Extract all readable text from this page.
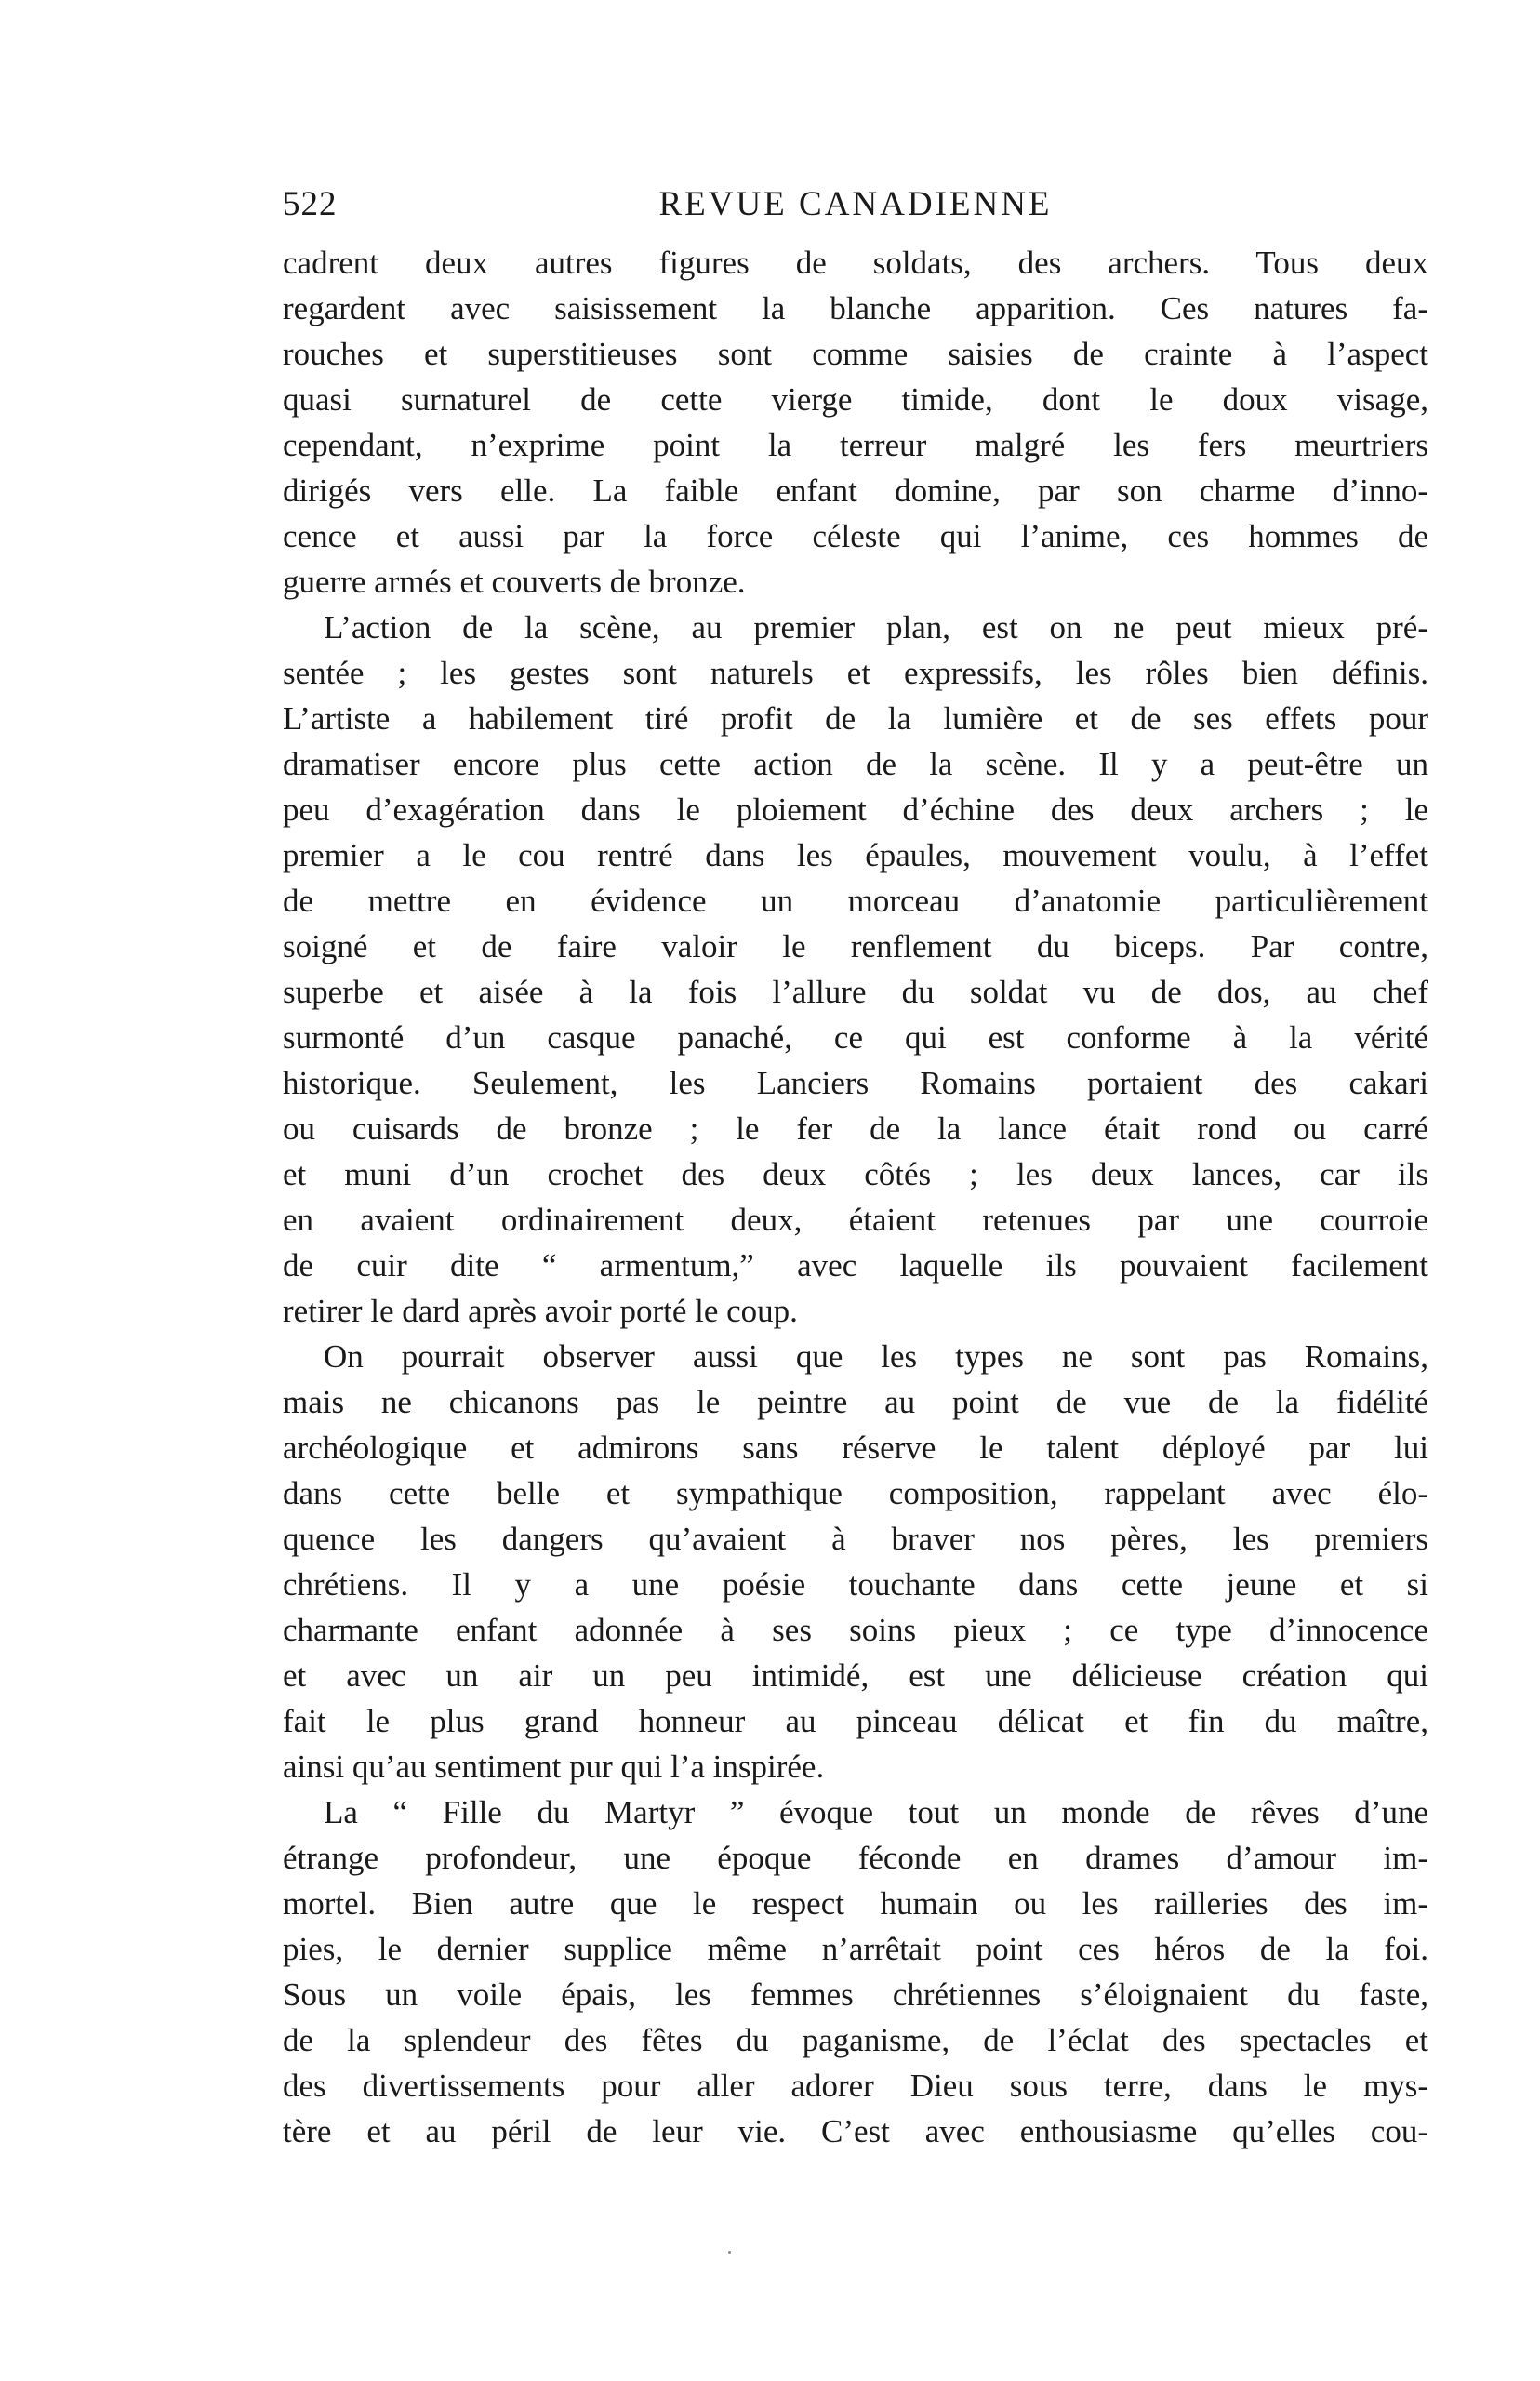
522	REVUE CANADIENNE
cadrent deux autres figures de soldats, des archers. Tous deux
regardent avec saisissement la blanche apparition. Ces natures fa-
rouches et superstitieuses sont comme saisies de crainte à l’aspect
quasi surnaturel de cette vierge timide, dont le doux visage,
cependant, n’exprime point la terreur malgré les fers meurtriers
dirigés vers elle. La faible enfant domine, par son charme d’inno-
cence et aussi par la force céleste qui l’anime, ces hommes de
guerre armés et couverts de bronze.
L’action de la scène, au premier plan, est on ne peut mieux pré-
sentée ; les gestes sont naturels et expressifs, les rôles bien définis.
L’artiste a habilement tiré profit de la lumière et de ses effets pour
dramatiser encore plus cette action de la scène. Il y a peut-être un
peu d’exagération dans le ploiement d’échine des deux archers ; le
premier a le cou rentré dans les épaules, mouvement voulu, à l’effet
de mettre en évidence un morceau d’anatomie particulièrement
soigné et de faire valoir le renflement du biceps. Par contre,
superbe et aisée à la fois l’allure du soldat vu de dos, au chef
surmonté d’un casque panaché, ce qui est conforme à la vérité
historique. Seulement, les Lanciers Romains portaient des cakari
ou cuisards de bronze ; le fer de la lance était rond ou carré
et muni d’un crochet des deux côtés ; les deux lances, car ils
en avaient ordinairement deux, étaient retenues par une courroie
de cuir dite “ armentum,” avec laquelle ils pouvaient facilement
retirer le dard après avoir porté le coup.
On pourrait observer aussi que les types ne sont pas Romains,
mais ne chicanons pas le peintre au point de vue de la fidélité
archéologique et admirons sans réserve le talent déployé par lui
dans cette belle et sympathique composition, rappelant avec élo-
quence les dangers qu’avaient à braver nos pères, les premiers
chrétiens. Il y a une poésie touchante dans cette jeune et si
charmante enfant adonnée à ses soins pieux ; ce type d’innocence
et avec un air un peu intimidé, est une délicieuse création qui
fait le plus grand honneur au pinceau délicat et fin du maître,
ainsi qu’au sentiment pur qui l’a inspirée.
La “ Fille du Martyr ” évoque tout un monde de rêves d’une
étrange profondeur, une époque féconde en drames d’amour im-
mortel. Bien autre que le respect humain ou les railleries des im-
pies, le dernier supplice même n’arrêtait point ces héros de la foi.
Sous un voile épais, les femmes chrétiennes s’éloignaient du faste,
de la splendeur des fêtes du paganisme, de l’éclat des spectacles et
des divertissements pour aller adorer Dieu sous terre, dans le mys-
tère et au péril de leur vie. C’est avec enthousiasme qu’elles cou-
